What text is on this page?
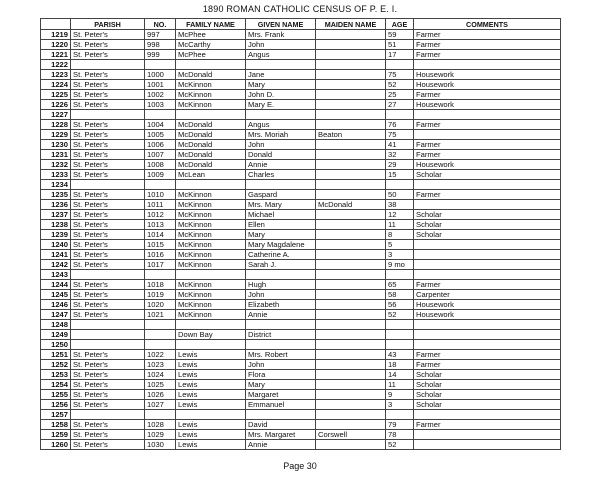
1890 ROMAN CATHOLIC CENSUS OF P. E. I.
	PARISH	NO.	FAMILY NAME	GIVEN NAME	MAIDEN NAME	AGE	COMMENTS
1219	St. Peter's	997	McPhee	Mrs. Frank		59	Farmer
1220	St. Peter's	998	McCarthy	John		51	Farmer
1221	St. Peter's	999	McPhee	Angus		17	Farmer
1222							
1223	St. Peter's	1000	McDonald	Jane		75	Housework
1224	St. Peter's	1001	McKinnon	Mary		52	Housework
1225	St. Peter's	1002	McKinnon	John D.		25	Farmer
1226	St. Peter's	1003	McKinnon	Mary E.		27	Housework
1227							
1228	St. Peter's	1004	McDonald	Angus		76	Farmer
1229	St. Peter's	1005	McDonald	Mrs. Moriah	Beaton	75	
1230	St. Peter's	1006	McDonald	John		41	Farmer
1231	St. Peter's	1007	McDonald	Donald		32	Farmer
1232	St. Peter's	1008	McDonald	Annie		29	Housework
1233	St. Peter's	1009	McLean	Charles		15	Scholar
1234							
1235	St. Peter's	1010	McKinnon	Gaspard		50	Farmer
1236	St. Peter's	1011	McKinnon	Mrs. Mary	McDonald	38	
1237	St. Peter's	1012	McKinnon	Michael		12	Scholar
1238	St. Peter's	1013	McKinnon	Ellen		11	Scholar
1239	St. Peter's	1014	McKinnon	Mary		8	Scholar
1240	St. Peter's	1015	McKinnon	Mary Magdalene		5	
1241	St. Peter's	1016	McKinnon	Catherine A.		3	
1242	St. Peter's	1017	McKinnon	Sarah J.		9 mo	
1243							
1244	St. Peter's	1018	McKinnon	Hugh		65	Farmer
1245	St. Peter's	1019	McKinnon	John		58	Carpenter
1246	St. Peter's	1020	McKinnon	Elizabeth		56	Housework
1247	St. Peter's	1021	McKinnon	Annie		52	Housework
1248							
1249			Down Bay	District			
1250							
1251	St. Peter's	1022	Lewis	Mrs. Robert		43	Farmer
1252	St. Peter's	1023	Lewis	John		18	Farmer
1253	St. Peter's	1024	Lewis	Flora		14	Scholar
1254	St. Peter's	1025	Lewis	Mary		11	Scholar
1255	St. Peter's	1026	Lewis	Margaret		9	Scholar
1256	St. Peter's	1027	Lewis	Emmanuel		3	Scholar
1257							
1258	St. Peter's	1028	Lewis	David		79	Farmer
1259	St. Peter's	1029	Lewis	Mrs. Margaret	Corswell	78	
1260	St. Peter's	1030	Lewis	Annie		52	
Page 30
